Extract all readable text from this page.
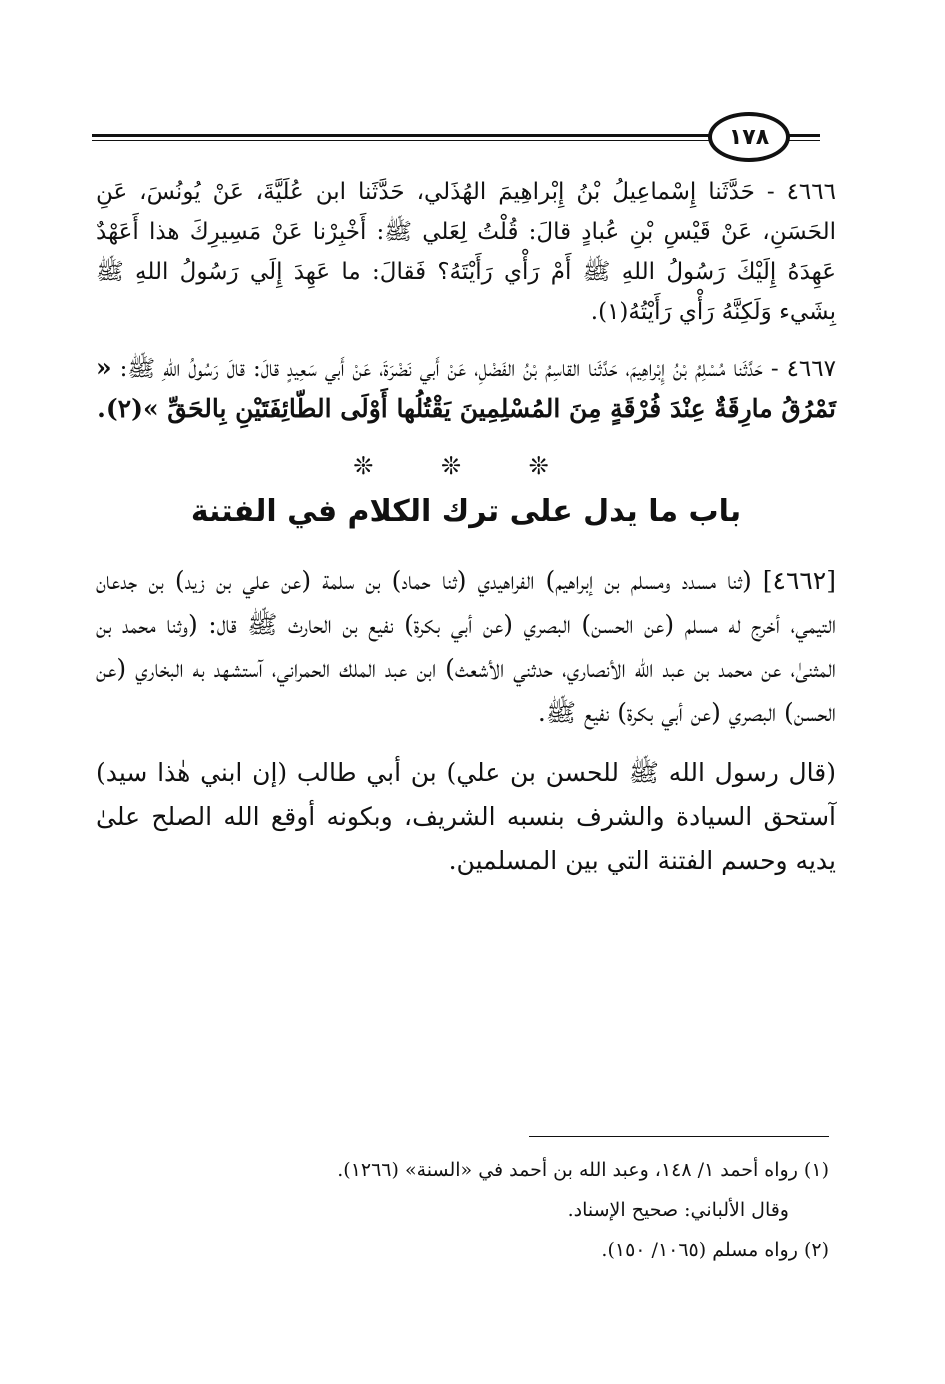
١٧٨

٤٦٦٦ - حَدَّثَنا إِسْماعِيلُ بْنُ إِبْراهِيمَ الهُذَلي، حَدَّثَنا ابن عُلَيَّةَ، عَنْ يُونُسَ، عَنِ الحَسَنِ، عَنْ قَيْسِ بْنِ عُبادٍ قالَ: قُلْتُ لِعَلي ﷺ: أَخْبِرْنا عَنْ مَسِيرِكَ هذا أَعَهْدٌ عَهِدَهُ إِلَيْكَ رَسُولُ اللهِ ﷺ أَمْ رَأْي رَأَيْتَهُ؟ فَقالَ: ما عَهِدَ إِلَي رَسُولُ اللهِ ﷺ بِشَيء وَلَكِنَّهُ رَأْي رَأَيْتُهُ(١).

٤٦٦٧ - حَدَّثَنا مُسْلِمُ بْنُ إِبْراهِيمَ، حَدَّثَنا القاسِمُ بْنُ الفَضْلِ، عَنْ أَبي نَضْرَةَ، عَنْ أَبي سَعِيدٍ قالَ: قالَ رَسُولُ اللهِ ﷺ: « تَمْرُقُ مارِقَةٌ عِنْدَ فُرْقَةٍ مِنَ المُسْلِمِينَ يَقْتُلُها أَوْلَى الطّائِفَتَيْنِ بِالحَقِّ »(٢).

❊ ❊ ❊
باب ما يدل على ترك الكلام في الفتنة

[٤٦٦٢] (ثنا مسدد ومسلم بن إبراهيم) الفراهيدي (ثنا حماد) بن سلمة (عن علي بن زيد) بن جدعان التيمي، أخرج له مسلم (عن الحسن) البصري (عن أبي بكرة) نفيع بن الحارث ﷺ قال: (وثنا محمد بن المثنىٰ، عن محمد بن عبد الله الأنصاري، حدثني الأشعث) ابن عبد الملك الحمراني، آستشهد به البخاري (عن الحسن) البصري (عن أبي بكرة) نفيع ﷺ.

(قال رسول الله ﷺ للحسن بن علي) بن أبي طالب (إن ابني هٰذا سيد) آستحق السيادة والشرف بنسبه الشريف، وبكونه أوقع الله الصلح علىٰ يديه وحسم الفتنة التي بين المسلمين.

(١) رواه أحمد ١/ ١٤٨، وعبد الله بن أحمد في «السنة» (١٢٦٦).

وقال الألباني: صحيح الإسناد.

(٢) رواه مسلم (١٠٦٥/ ١٥٠).
